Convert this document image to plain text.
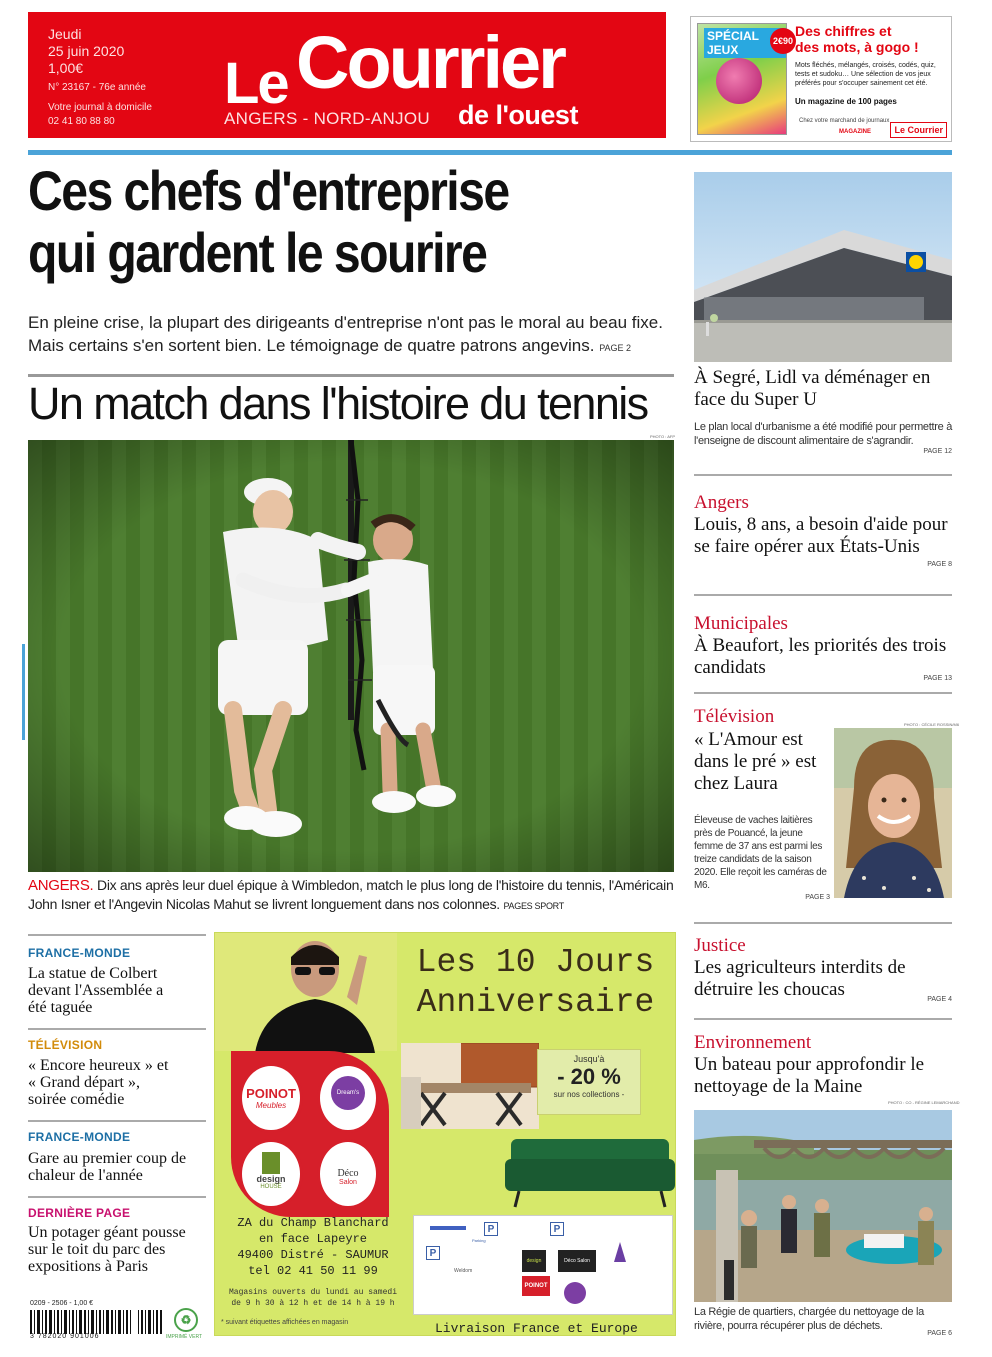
Jeudi
25 juin 2020
1,00€
N° 23167 - 76e année
Votre journal à domicile
02 41 80 88 80
Le Courrier
de l'ouest
ANGERS - NORD-ANJOU
SPÉCIAL JEUX
2€90
Des chiffres et
des mots, à gogo !
Mots fléchés, mélangés, croisés, codés, quiz, tests et sudoku… Une sélection de vos jeux préférés pour s'occuper sainement cet été.
Un magazine de 100 pages
Chez votre marchand de journaux
MAGAZINE	Le Courrier
Ces chefs d'entreprise
qui gardent le sourire
En pleine crise, la plupart des dirigeants d'entreprise n'ont pas le moral au beau fixe. Mais certains s'en sortent bien. Le témoignage de quatre patrons angevins. PAGE 2
Un match dans l'histoire du tennis
PHOTO : AFP
ANGERS. Dix ans après leur duel épique à Wimbledon, match le plus long de l'histoire du tennis, l'Américain John Isner et l'Angevin Nicolas Mahut se livrent longuement dans nos colonnes. PAGES SPORT
À Segré, Lidl va déménager en face du Super U
Le plan local d'urbanisme a été modifié pour permettre à l'enseigne de discount alimentaire de s'agrandir.
PAGE 12
Angers
Louis, 8 ans, a besoin d'aide pour se faire opérer aux États-Unis
PAGE 8
Municipales
À Beaufort, les priorités des trois candidats
PAGE 13
Télévision	PHOTO : CÉCILE ROSSIN/M6
« L'Amour est dans le pré » est chez Laura
Éleveuse de vaches laitières près de Pouancé, la jeune femme de 37 ans est parmi les treize candidats de la saison 2020. Elle reçoit les caméras de M6.
PAGE 3
Justice
Les agriculteurs interdits de détruire les choucas	PAGE 4
Environnement
Un bateau pour approfondir le nettoyage de la Maine
PHOTO : CO - RÉGINE LEMARCHAND
La Régie de quartiers, chargée du nettoyage de la rivière, pourra récupérer plus de déchets.
PAGE 6
FRANCE-MONDE
La statue de Colbert devant l'Assemblée a été taguée
TÉLÉVISION
« Encore heureux » et « Grand départ », soirée comédie
FRANCE-MONDE
Gare au premier coup de chaleur de l'année
DERNIÈRE PAGE
Un potager géant pousse sur le toit du parc des expositions à Paris
POINOT
Meubles
Dream's Night
design
HOUSE
Déco
Salon
Les 10 Jours Anniversaire
Jusqu'à
- 20 %
sur nos collections -
ZA du Champ Blanchard
en face Lapeyre
49400 Distré - SAUMUR
tel 02 41 50 11 99
Magasins ouverts du lundi au samedi
de 9 h 30 à 12 h et de 14 h à 19 h
* suivant étiquettes affichées en magasin
P	P
P
Parking
design	Déco Salon
POINOT
Weldom
Livraison France et Europe
0209 - 2506 - 1,00 €
3 782020 901006
♻
IMPRIMÉ VERT
